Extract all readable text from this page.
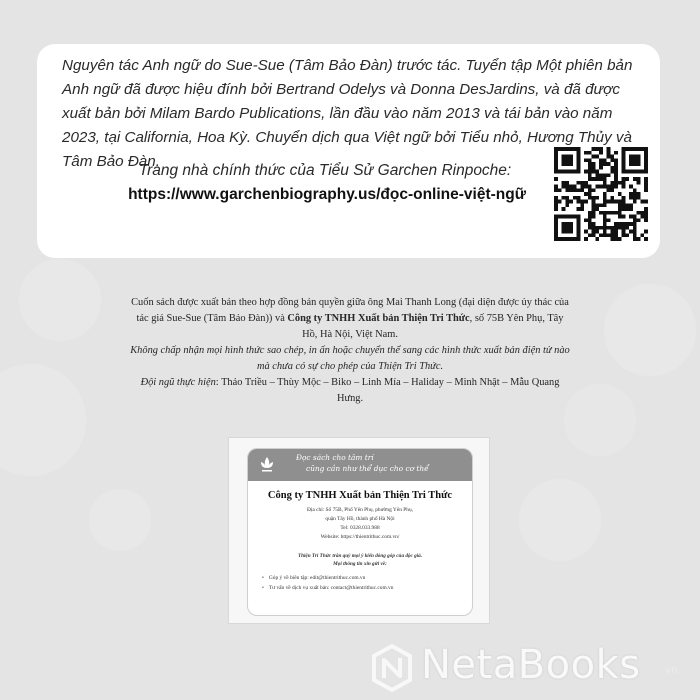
Nguyên tác Anh ngữ do Sue-Sue (Tâm Bảo Đàn) trước tác. Tuyển tập Một phiên bản Anh ngữ đã được hiệu đính bởi Bertrand Odelys và Donna DesJardins, và đã được xuất bản bởi Milam Bardo Publications, lần đầu vào năm 2013 và tái bản vào năm 2023, tại California, Hoa Kỳ. Chuyển dịch qua Việt ngữ bởi Tiểu nhỏ, Hương Thủy và Tâm Bảo Đàn.

Trang nhà chính thức của Tiểu Sử Garchen Rinpoche:
https://www.garchenbiography.us/đọc-online-việt-ngữ

Cuốn sách được xuất bản theo hợp đồng bản quyền giữa ông Mai Thanh Long (đại diện được ủy thác của tác giả Sue-Sue (Tâm Bảo Đàn)) và Công ty TNHH Xuất bản Thiện Tri Thức, số 75B Yên Phụ, Tây Hồ, Hà Nội, Việt Nam.

Không chấp nhận mọi hình thức sao chép, in ấn hoặc chuyển thể sang các hình thức xuất bản điện tử nào mà chưa có sự cho phép của Thiện Tri Thức.

Đội ngũ thực hiện: Thảo Triều – Thùy Mộc – Biko – Linh Mía – Haliday – Minh Nhật – Mẫu Quang Hưng.

Đọc sách cho tâm trí
cũng cần như thể dục cho cơ thể
Công ty TNHH Xuất bản Thiện Tri Thức
Địa chỉ: Số 75B, Phố Yên Phụ, phường Yên Phụ,
quận Tây Hồ, thành phố Hà Nội
Tel: 0328.033.988
Website: https://thientrithuc.com.vn/
Thiện Tri Thức trân quý mọi ý kiến đóng góp của độc giả.
Mọi thông tin xin gửi về:
• Góp ý về biên tập: edit@thientrithuc.com.vn
• Tư vấn về dịch vụ xuất bản: contact@thientrithuc.com.vn
NetaBooks .vn
